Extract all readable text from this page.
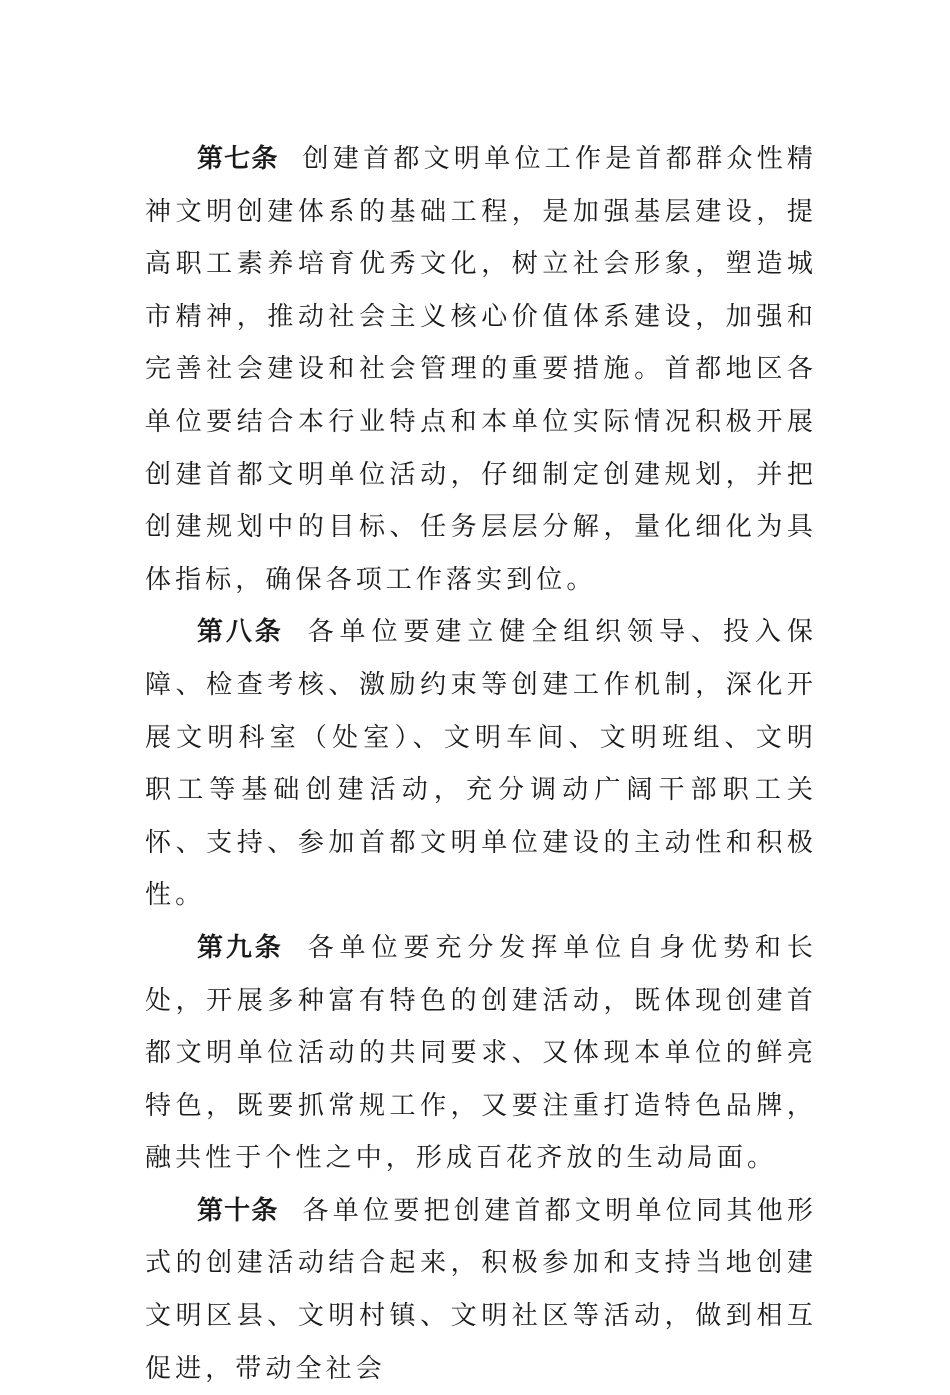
第七条 创建首都文明单位工作是首都群众性精神文明创建体系的基础工程，是加强基层建设，提高职工素养培育优秀文化，树立社会形象，塑造城市精神，推动社会主义核心价值体系建设，加强和完善社会建设和社会管理的重要措施。首都地区各单位要结合本行业特点和本单位实际情况积极开展创建首都文明单位活动，仔细制定创建规划，并把创建规划中的目标、任务层层分解，量化细化为具体指标，确保各项工作落实到位。

第八条 各单位要建立健全组织领导、投入保障、检查考核、激励约束等创建工作机制，深化开展文明科室（处室）、文明车间、文明班组、文明职工等基础创建活动，充分调动广阔干部职工关怀、支持、参加首都文明单位建设的主动性和积极性。

第九条 各单位要充分发挥单位自身优势和长处，开展多种富有特色的创建活动，既体现创建首都文明单位活动的共同要求、又体现本单位的鲜亮特色，既要抓常规工作，又要注重打造特色品牌，融共性于个性之中，形成百花齐放的生动局面。

第十条 各单位要把创建首都文明单位同其他形式的创建活动结合起来，积极参加和支持当地创建文明区县、文明村镇、文明社区等活动，做到相互促进，带动全社会
